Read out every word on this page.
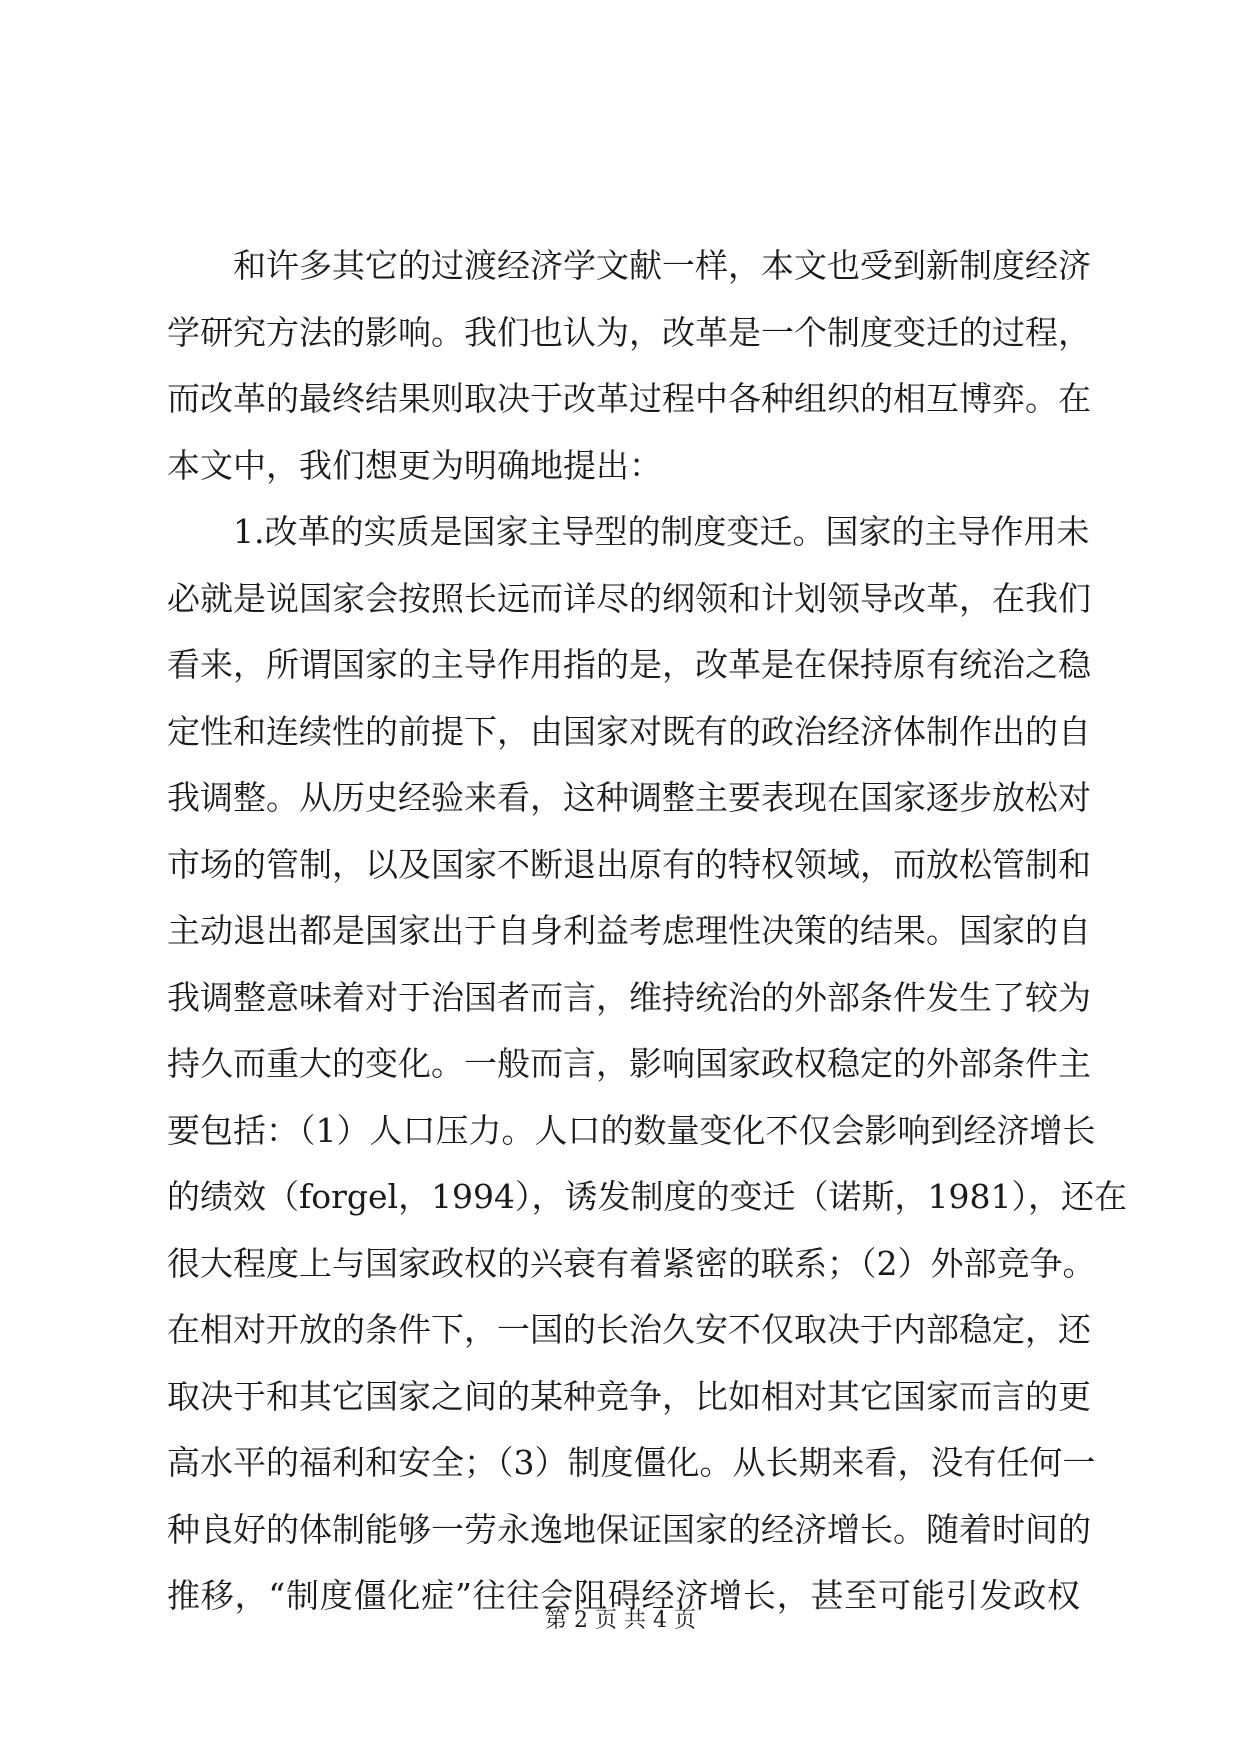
和许多其它的过渡经济学文献一样，本文也受到新制度经济
学研究方法的影响。我们也认为，改革是一个制度变迁的过程，
而改革的最终结果则取决于改革过程中各种组织的相互博弈。在
本文中，我们想更为明确地提出：
1.改革的实质是国家主导型的制度变迁。国家的主导作用未
必就是说国家会按照长远而详尽的纲领和计划领导改革，在我们
看来，所谓国家的主导作用指的是，改革是在保持原有统治之稳
定性和连续性的前提下，由国家对既有的政治经济体制作出的自
我调整。从历史经验来看，这种调整主要表现在国家逐步放松对
市场的管制，以及国家不断退出原有的特权领域，而放松管制和
主动退出都是国家出于自身利益考虑理性决策的结果。国家的自
我调整意味着对于治国者而言，维持统治的外部条件发生了较为
持久而重大的变化。一般而言，影响国家政权稳定的外部条件主
要包括：（1）人口压力。人口的数量变化不仅会影响到经济增长
的绩效（forgel，1994），诱发制度的变迁（诺斯，1981），还在
很大程度上与国家政权的兴衰有着紧密的联系；（2）外部竞争。
在相对开放的条件下，一国的长治久安不仅取决于内部稳定，还
取决于和其它国家之间的某种竞争，比如相对其它国家而言的更
高水平的福利和安全；（3）制度僵化。从长期来看，没有任何一
种良好的体制能够一劳永逸地保证国家的经济增长。随着时间的
推移，“制度僵化症”往往会阻碍经济增长，甚至可能引发政权
第 2 页 共 4 页
